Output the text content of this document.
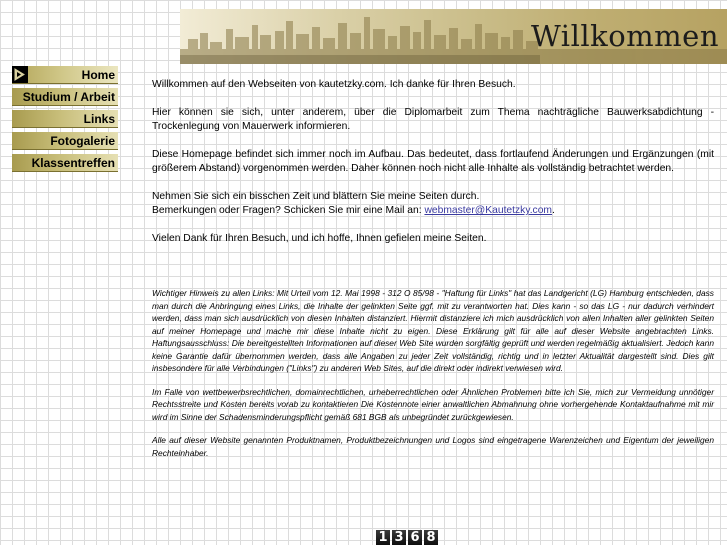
Willkommen
Home
Studium / Arbeit
Links
Fotogalerie
Klassentreffen

Willkommen auf den Webseiten von kautetzky.com. Ich danke für Ihren Besuch.

Hier können sie sich, unter anderem, über die Diplomarbeit zum Thema nachträgliche Bauwerksabdichtung - Trockenlegung von Mauerwerk informieren.

Diese Homepage befindet sich immer noch im Aufbau. Das bedeutet, dass fortlaufend Änderungen und Ergänzungen (mit größerem Abstand) vorgenommen werden. Daher können noch nicht alle Inhalte als vollständig betrachtet werden.

Nehmen Sie sich ein bisschen Zeit und blättern Sie meine Seiten durch.
Bemerkungen oder Fragen? Schicken Sie mir eine Mail an: webmaster@Kautetzky.com.

Vielen Dank für Ihren Besuch, und ich hoffe, Ihnen gefielen meine Seiten.

Wichtiger Hinweis zu allen Links: Mit Urteil vom 12. Mai 1998 - 312 O 85/98 - "Haftung für Links" hat das Landgericht (LG) Hamburg entschieden, dass man durch die Anbringung eines Links, die Inhalte der gelinkten Seite ggf. mit zu verantworten hat. Dies kann - so das LG - nur dadurch verhindert werden, dass man sich ausdrücklich von diesen Inhalten distanziert. Hiermit distanziere ich mich ausdrücklich von allen Inhalten aller gelinkten Seiten auf meiner Homepage und mache mir diese Inhalte nicht zu eigen. Diese Erklärung gilt für alle auf dieser Website angebrachten Links. Haftungsausschluss: Die bereitgestellten Informationen auf dieser Web Site wurden sorgfältig geprüft und werden regelmäßig aktualisiert. Jedoch kann keine Garantie dafür übernommen werden, dass alle Angaben zu jeder Zeit vollständig, richtig und in letzter Aktualität dargestellt sind. Dies gilt insbesondere für alle Verbindungen ("Links") zu anderen Web Sites, auf die direkt oder indirekt verwiesen wird.

Im Falle von wettbewerbsrechtlichen, domainrechtlichen, urheberrechtlichen oder Ähnlichen Problemen bitte ich Sie, mich zur Vermeidung unnötiger Rechtsstreite und Kosten bereits vorab zu kontaktieren Die Kostennote einer anwaltlichen Abmahnung ohne vorhergehende Kontaktaufnahme mit mir wird im Sinne der Schadensminderungspflicht gemäß 681 BGB als unbegründet zurückgewiesen.

Alle auf dieser Website genannten Produktnamen, Produktbezeichnungen und Logos sind eingetragene Warenzeichen und Eigentum der jeweiligen Rechteinhaber.

1 3 6 8
